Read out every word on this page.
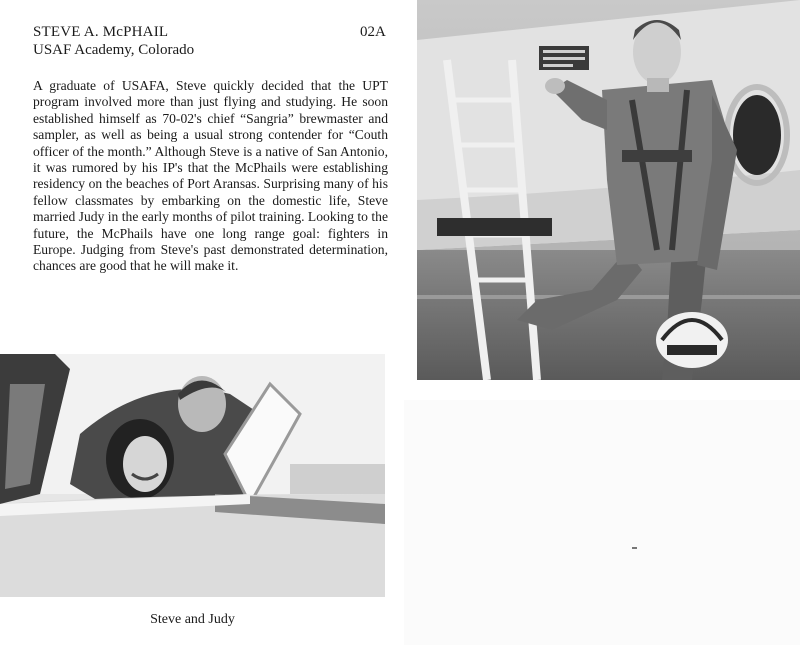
STEVE A. McPHAIL
USAF Academy, Colorado
02A

A graduate of USAFA, Steve quickly decided that the UPT program involved more than just flying and studying. He soon established himself as 70-02's chief “Sangria” brewmaster and sampler, as well as being a usual strong contender for “Couth officer of the month.” Although Steve is a native of San Antonio, it was rumored by his IP's that the McPhails were establishing residency on the beaches of Port Aransas. Surprising many of his fellow classmates by embarking on the domestic life, Steve married Judy in the early months of pilot training. Looking to the future, the McPhails have one long range goal: fighters in Europe. Judging from Steve's past demonstrated determination, chances are good that he will make it.

Steve and Judy
